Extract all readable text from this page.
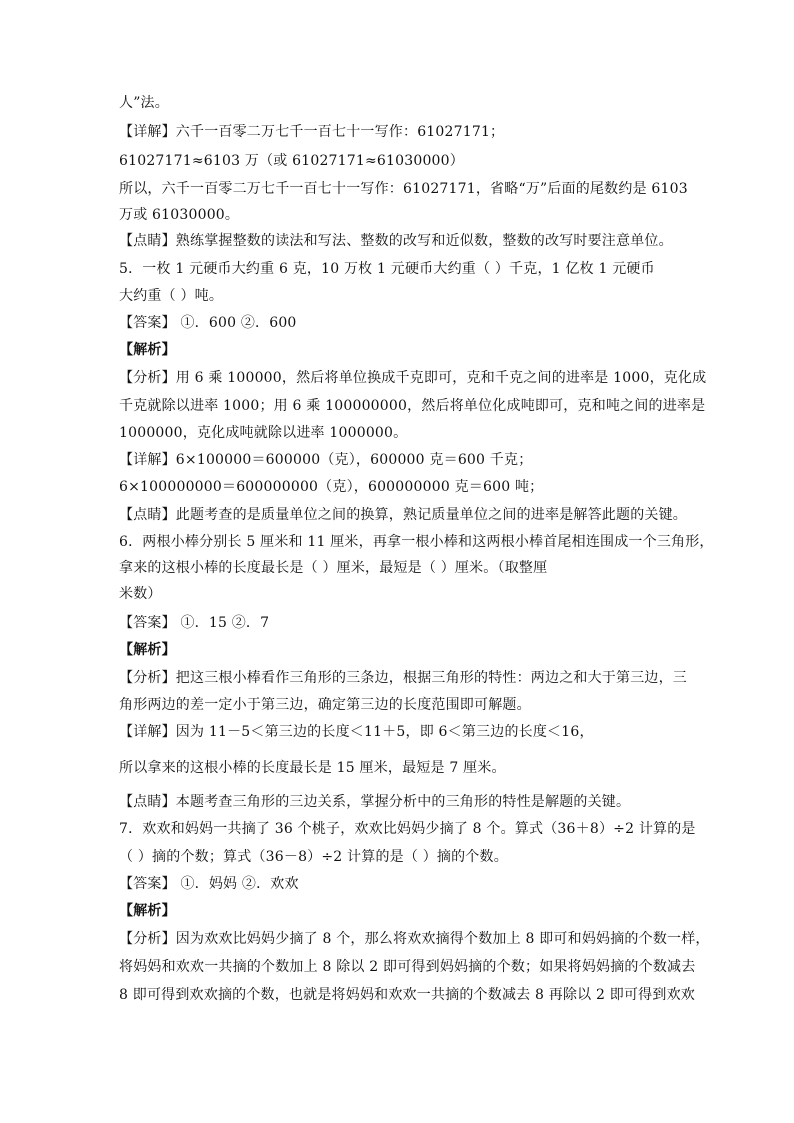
人”法。
【详解】六千一百零二万七千一百七十一写作：61027171；
61027171≈6103 万（或 61027171≈61030000）
所以，六千一百零二万七千一百七十一写作：61027171，省略“万”后面的尾数约是 6103
万或 61030000。
【点睛】熟练掌握整数的读法和写法、整数的改写和近似数，整数的改写时要注意单位。
5．一枚 1 元硬币大约重 6 克，10 万枚 1 元硬币大约重（ ）千克，1 亿枚 1 元硬币
大约重（ ）吨。
【答案】 ①．600 ②．600
【解析】
【分析】用 6 乘 100000，然后将单位换成千克即可，克和千克之间的进率是 1000，克化成
千克就除以进率 1000；用 6 乘 100000000，然后将单位化成吨即可，克和吨之间的进率是
1000000，克化成吨就除以进率 1000000。
【详解】6×100000＝600000（克），600000 克＝600 千克；
6×100000000＝600000000（克），600000000 克＝600 吨；
【点睛】此题考查的是质量单位之间的换算，熟记质量单位之间的进率是解答此题的关键。
6．两根小棒分别长 5 厘米和 11 厘米，再拿一根小棒和这两根小棒首尾相连围成一个三角形，
拿来的这根小棒的长度最长是（ ）厘米，最短是（ ）厘米。（取整厘
米数）
【答案】 ①．15 ②．7
【解析】
【分析】把这三根小棒看作三角形的三条边，根据三角形的特性：两边之和大于第三边，三
角形两边的差一定小于第三边，确定第三边的长度范围即可解题。
【详解】因为 11－5＜第三边的长度＜11＋5，即 6＜第三边的长度＜16，
所以拿来的这根小棒的长度最长是 15 厘米，最短是 7 厘米。
【点睛】本题考查三角形的三边关系，掌握分析中的三角形的特性是解题的关键。
7．欢欢和妈妈一共摘了 36 个桃子，欢欢比妈妈少摘了 8 个。算式（36＋8）÷2 计算的是
（ ）摘的个数；算式（36－8）÷2 计算的是（ ）摘的个数。
【答案】 ①．妈妈 ②．欢欢
【解析】
【分析】因为欢欢比妈妈少摘了 8 个，那么将欢欢摘得个数加上 8 即可和妈妈摘的个数一样，
将妈妈和欢欢一共摘的个数加上 8 除以 2 即可得到妈妈摘的个数；如果将妈妈摘的个数减去
8 即可得到欢欢摘的个数，也就是将妈妈和欢欢一共摘的个数减去 8 再除以 2 即可得到欢欢
